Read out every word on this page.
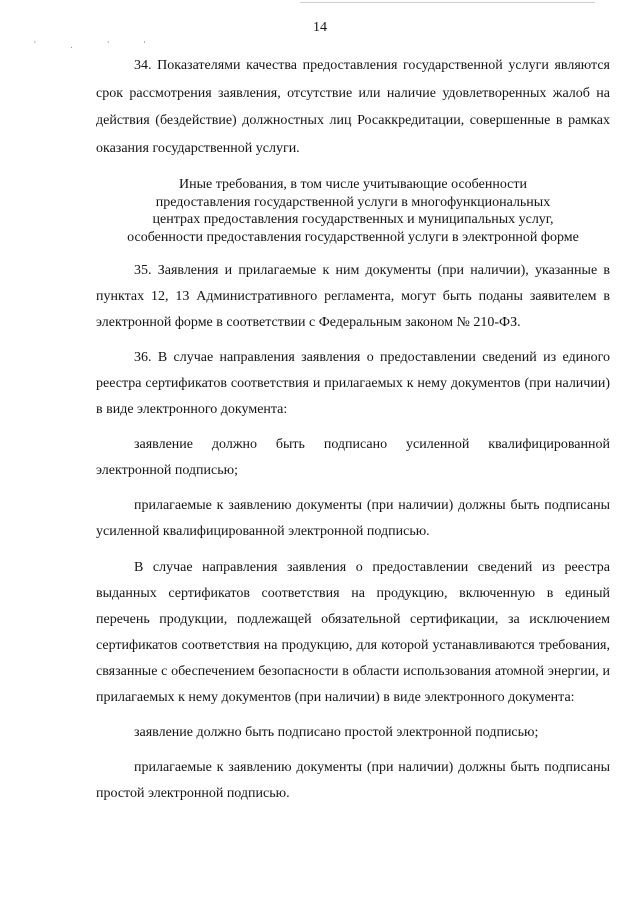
' . ' '
14

34. Показателями качества предоставления государственной услуги являются срок рассмотрения заявления, отсутствие или наличие удовлетворенных жалоб на действия (бездействие) должностных лиц Росаккредитации, совершенные в рамках оказания государственной услуги.

Иные требования, в том числе учитывающие особенности
предоставления государственной услуги в многофункциональных
центрах предоставления государственных и муниципальных услуг,
особенности предоставления государственной услуги в электронной форме

35. Заявления и прилагаемые к ним документы (при наличии), указанные в пунктах 12, 13 Административного регламента, могут быть поданы заявителем в электронной форме в соответствии с Федеральным законом № 210-ФЗ.

36. В случае направления заявления о предоставлении сведений из единого реестра сертификатов соответствия и прилагаемых к нему документов (при наличии) в виде электронного документа:

заявление должно быть подписано усиленной квалифицированной электронной подписью;

прилагаемые к заявлению документы (при наличии) должны быть подписаны усиленной квалифицированной электронной подписью.

В случае направления заявления о предоставлении сведений из реестра выданных сертификатов соответствия на продукцию, включенную в единый перечень продукции, подлежащей обязательной сертификации, за исключением сертификатов соответствия на продукцию, для которой устанавливаются требования, связанные с обеспечением безопасности в области использования атомной энергии, и прилагаемых к нему документов (при наличии) в виде электронного документа:

заявление должно быть подписано простой электронной подписью;

прилагаемые к заявлению документы (при наличии) должны быть подписаны простой электронной подписью.
